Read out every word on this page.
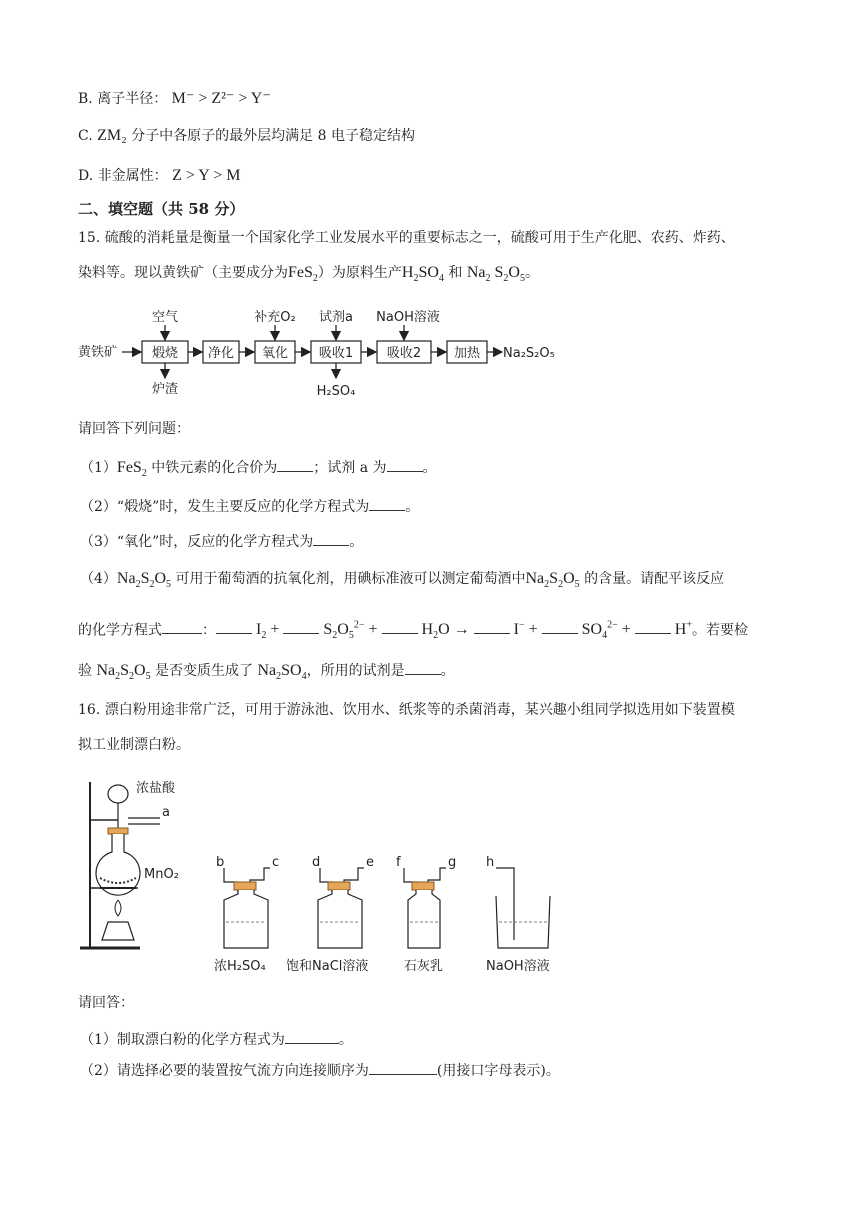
B. 离子半径： M⁻ > Z²⁻ > Y⁻
C. ZM₂ 分子中各原子的最外层均满足 8 电子稳定结构
D. 非金属性： Z > Y > M
二、填空题（共 58 分）
15. 硫酸的消耗量是衡量一个国家化学工业发展水平的重要标志之一，硫酸可用于生产化肥、农药、炸药、
染料等。现以黄铁矿（主要成分为FeS$_2$）为原料生产$H_2SO_4$ 和 $Na_2$ $S_2O_5$。
黄铁矿	煅烧
空气
炉渣
净化 氧化
补充O₂
吸收1
试剂a
H₂SO₄
吸收2
NaOH溶液
加热 Na₂S₂O₅
请回答下列问题：
（1）FeS$_2$ 中铁元素的化合价为	；试剂 a 为	。
（2）“煅烧”时，发生主要反应的化学方程式为	。
（3）“氧化”时，反应的化学方程式为	。
$(4)Na_2S_2O_5$ 可用于葡萄酒的抗氧化剂，用碘标准液可以测定葡萄酒中$Na_2S_2O_5$ 的含量。请配平该反应
的化学方程式	： $I_2 + S_2O_5^{2-} + H_2O \to I^- + SO_4^{2-} + H^+$。若要检
验 $Na_2S_2O_5$ 是否变质生成了 $Na_2SO_4$，所用的试剂是	。
16. 漂白粉用途非常广泛，可用于游泳池、饮用水、纸浆等的杀菌消毒，某兴趣小组同学拟选用如下装置模
拟工业制漂白粉。
浓盐酸
a
MnO₂
b	c
浓H₂SO₄
d	e
饱和NaCl溶液
f	g
石灰乳
h
NaOH溶液
请回答：
（1）制取漂白粉的化学方程式为	。
（2）请选择必要的装置按气流方向连接顺序为	(用接口字母表示)。
